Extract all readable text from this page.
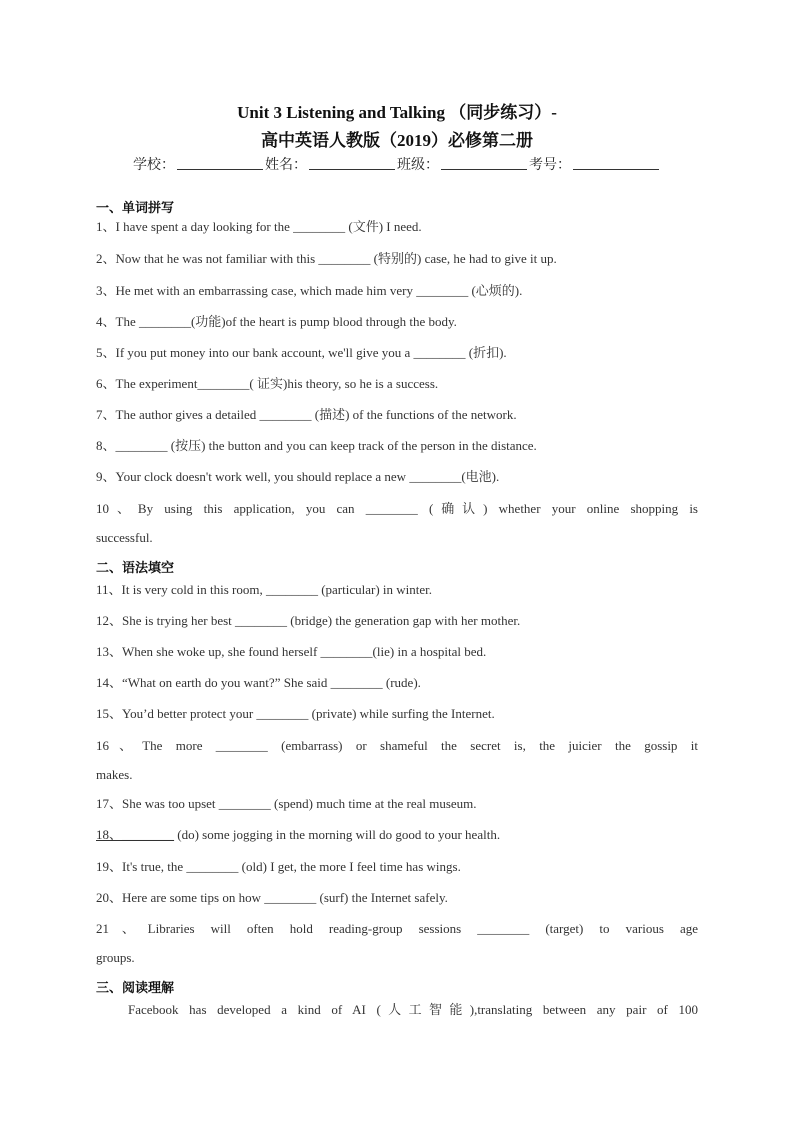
Unit 3 Listening and Talking （同步练习）-
高中英语人教版（2019）必修第二册
学校：	姓名：	班级：	考号：
一、单词拼写
1、I have spent a day looking for the ________ (文件) I need.
2、Now that he was not familiar with this ________ (特别的) case, he had to give it up.
3、He met with an embarrassing case, which made him very ________ (心烦的).
4、The ________(功能)of the heart is pump blood through the body.
5、If you put money into our bank account, we'll give you a ________ (折扣).
6、The experiment________( 证实)his theory, so he is a success.
7、The author gives a detailed ________ (描述) of the functions of the network.
8、________ (按压) the button and you can keep track of the person in the distance.
9、Your clock doesn't work well, you should replace a new ________(电池).
10、By using this application, you can ________ (确认) whether your online shopping is
successful.
二、语法填空
11、It is very cold in this room, ________ (particular) in winter.
12、She is trying her best ________ (bridge) the generation gap with her mother.
13、When she woke up, she found herself ________(lie) in a hospital bed.
14、“What on earth do you want?” She said ________ (rude).
15、You’d better protect your ________ (private) while surfing the Internet.
16、The more ________ (embarrass) or shameful the secret is, the juicier the gossip it
makes.
17、She was too upset ________ (spend) much time at the real museum.
18、________ (do) some jogging in the morning will do good to your health.
19、It's true, the ________ (old) I get, the more I feel time has wings.
20、Here are some tips on how ________ (surf) the Internet safely.
21、Libraries will often hold reading-group sessions ________ (target) to various age
groups.
三、阅读理解
Facebook has developed a kind of AI (人工智能),translating between any pair of 100
